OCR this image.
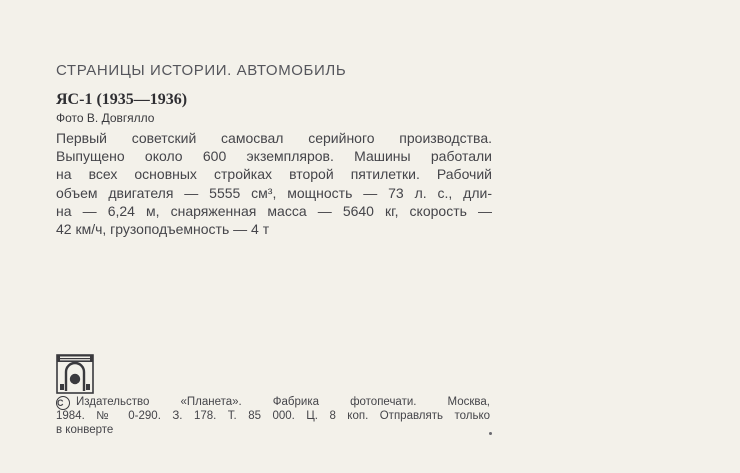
СТРАНИЦЫ ИСТОРИИ. АВТОМОБИЛЬ
ЯС-1 (1935—1936)
Фото В. Довгялло
Первый советский самосвал серийного производства.
Выпущено около 600 экземпляров. Машины работали
на всех основных стройках второй пятилетки. Рабочий
объем двигателя — 5555 см³, мощность — 73 л. с., дли-
на — 6,24 м, снаряженная масса — 5640 кг, скорость —
42 км/ч, грузоподъемность — 4 т
C Издательство «Планета». Фабрика фотопечати. Москва,
1984. № 0-290. З. 178. Т. 85 000. Ц. 8 коп. Отправлять только
в конверте
